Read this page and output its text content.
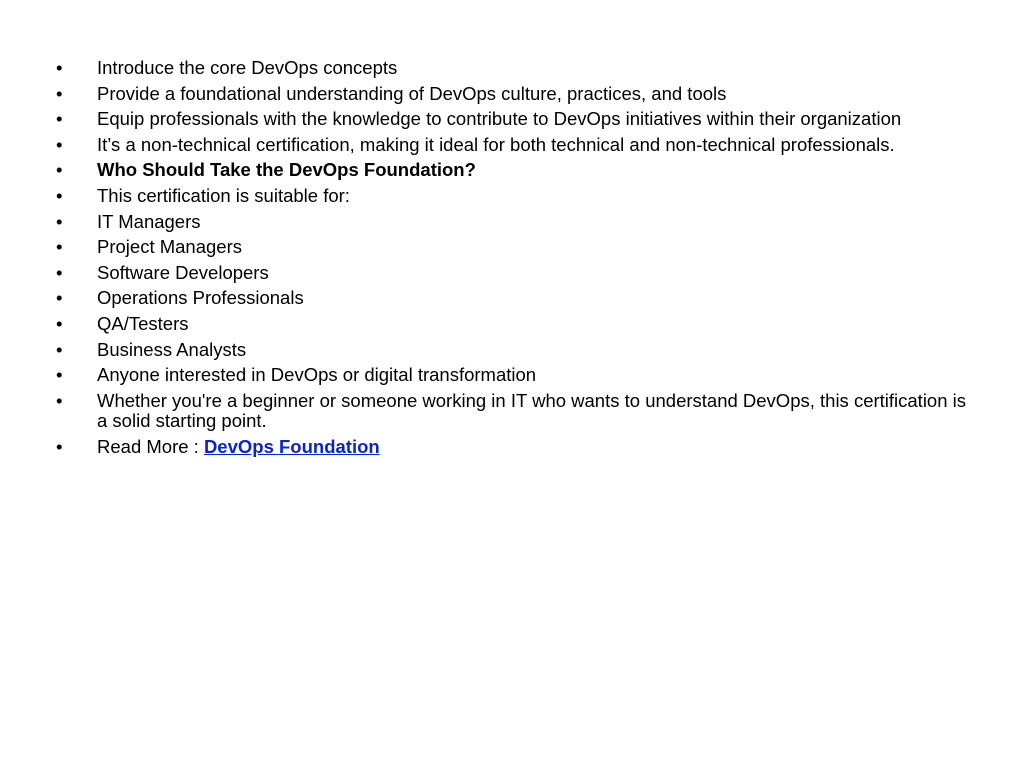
•	Introduce the core DevOps concepts
•	Provide a foundational understanding of DevOps culture, practices, and tools
•	Equip professionals with the knowledge to contribute to DevOps initiatives within their organization
•	It’s a non-technical certification, making it ideal for both technical and non-technical professionals.
•	Who Should Take the DevOps Foundation?
•	This certification is suitable for:
•	IT Managers
•	Project Managers
•	Software Developers
•	Operations Professionals
•	QA/Testers
•	Business Analysts
•	Anyone interested in DevOps or digital transformation
•	Whether you're a beginner or someone working in IT who wants to understand DevOps, this certification is a solid starting point.
•	Read More : DevOps Foundation
